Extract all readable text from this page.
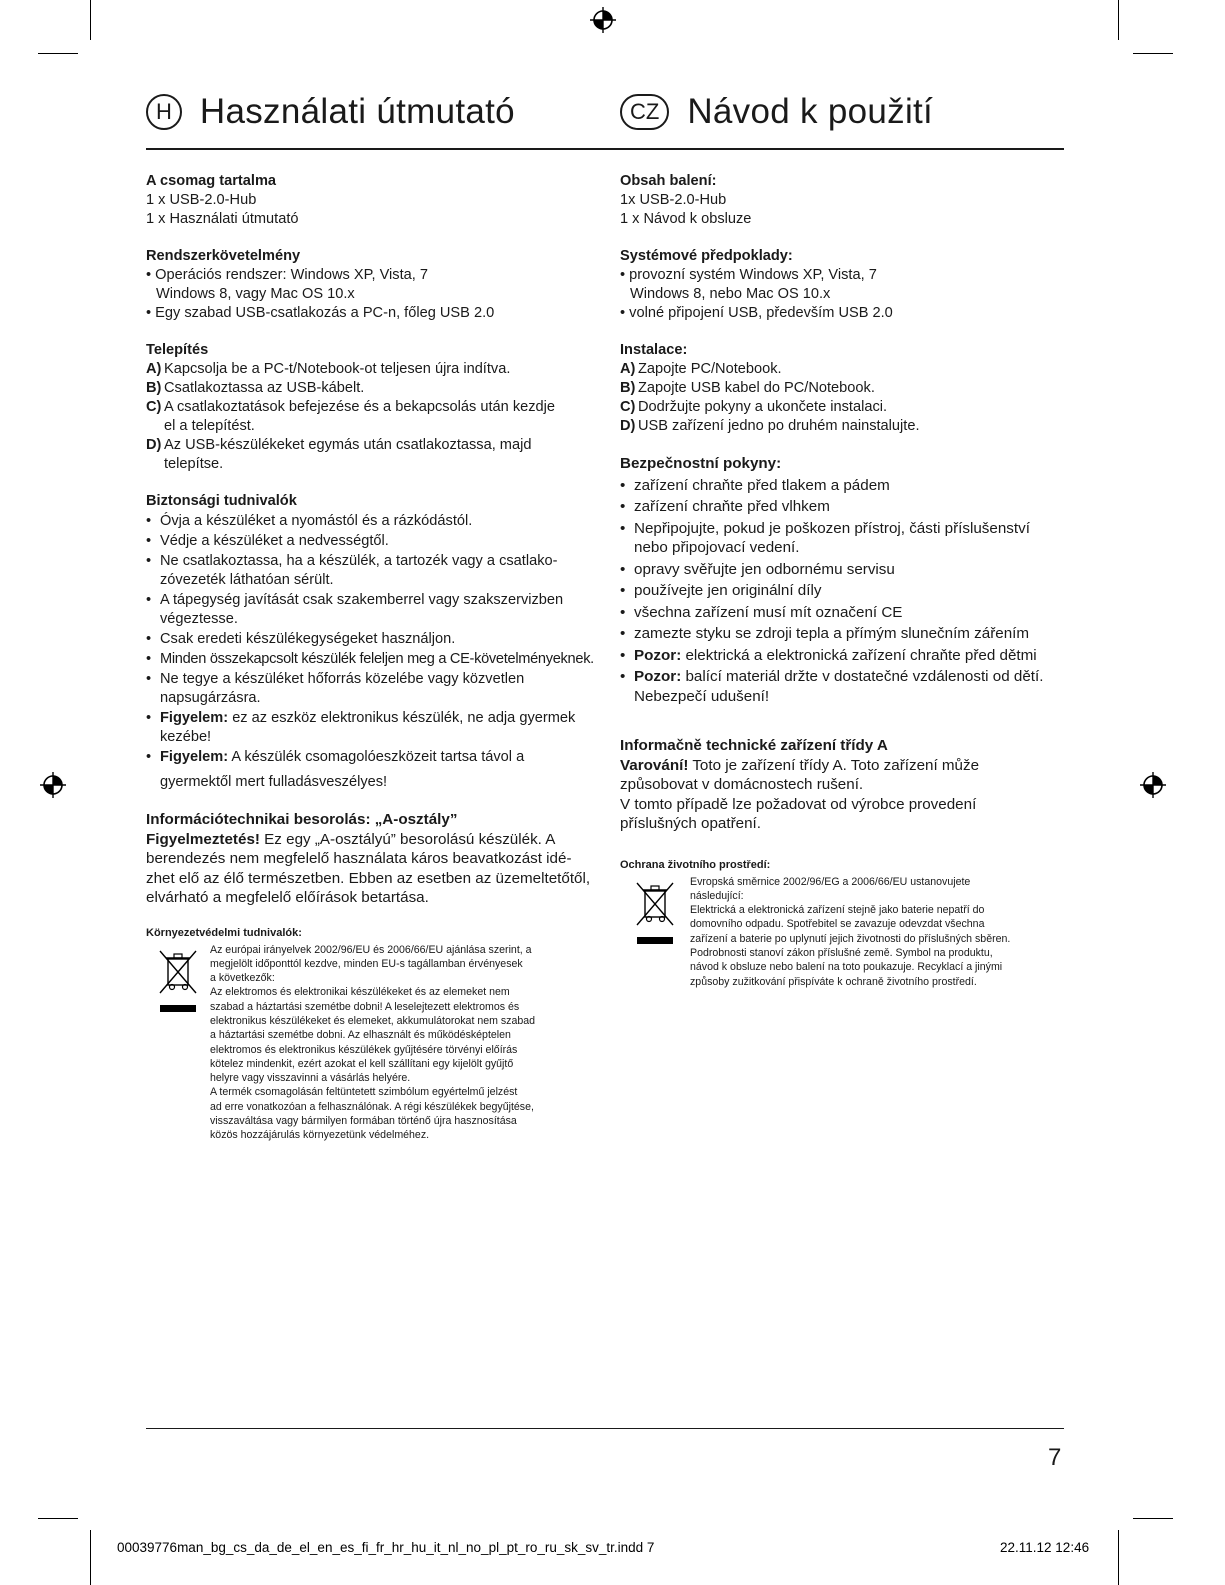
H Használati útmutató	CZ Návod k použití

A csomag tartalma

1 x USB-2.0-Hub

1 x Használati útmutató

Rendszerkövetelmény

• Operációs rendszer: Windows XP, Vista, 7

Windows 8, vagy Mac OS 10.x

• Egy szabad USB-csatlakozás a PC-n, főleg USB 2.0

Telepítés

A) Kapcsolja be a PC-t/Notebook-ot teljesen újra indítva.
B) Csatlakoztassa az USB-kábelt.
C) A csatlakoztatások befejezése és a bekapcsolás után kezdje

el a telepítést.

D) Az USB-készülékeket egymás után csatlakoztassa, majd

telepítse.

Biztonsági tudnivalók

• Óvja a készüléket a nyomástól és a rázkódástól.
• Védje a készüléket a nedvességtől.
• Ne csatlakoztassa, ha a készülék, a tartozék vagy a csatlako-
zóvezeték láthatóan sérült.
• A tápegység javítását csak szakemberrel vagy szakszervizben
végeztesse.
• Csak eredeti készülékegységeket használjon.
• Minden összekapcsolt készülék feleljen meg a CE-követelményeknek.
• Ne tegye a készüléket hőforrás közelébe vagy közvetlen
napsugárzásra.
• Figyelem: ez az eszköz elektronikus készülék, ne adja gyermek
kezébe!
• Figyelem: A készülék csomagolóeszközeit tartsa távol a
gyermektől mert fulladásveszélyes!

Információtechnikai besorolás: „A-osztály”

Figyelmeztetés! Ez egy „A-osztályú” besorolású készülék. A

berendezés nem megfelelő használata káros beavatkozást idé-

zhet elő az élő természetben. Ebben az esetben az üzemeltetőtől,

elvárható a megfelelő előírások betartása.

Környezetvédelmi tudnivalók:

Az európai irányelvek 2002/96/EU és 2006/66/EU ajánlása szerint, a

megjelölt időponttól kezdve, minden EU-s tagállamban érvényesek

a következők:

Az elektromos és elektronikai készülékeket és az elemeket nem

szabad a háztartási szemétbe dobni! A leselejtezett elektromos és

elektronikus készülékeket és elemeket, akkumulátorokat nem szabad

a háztartási szemétbe dobni. Az elhasznált és működésképtelen

elektromos és elektronikus készülékek gyűjtésére törvényi előírás

kötelez mindenkit, ezért azokat el kell szállítani egy kijelölt gyűjtő

helyre vagy visszavinni a vásárlás helyére.

A termék csomagolásán feltüntetett szimbólum egyértelmű jelzést

ad erre vonatkozóan a felhasználónak. A régi készülékek begyűjtése,

visszaváltása vagy bármilyen formában történő újra hasznosítása

közös hozzájárulás környezetünk védelméhez.

Obsah balení:

1x USB-2.0-Hub

1 x Návod k obsluze

Systémové předpoklady:

• provozní systém Windows XP, Vista, 7

Windows 8, nebo Mac OS 10.x

• volné připojení USB, především USB 2.0

Instalace:

A) Zapojte PC/Notebook.
B) Zapojte USB kabel do PC/Notebook.
C) Dodržujte pokyny a ukončete instalaci.
D) USB zařízení jedno po druhém nainstalujte.

Bezpečnostní pokyny:

• zařízení chraňte před tlakem a pádem
• zařízení chraňte před vlhkem
• Nepřipojujte, pokud je poškozen přístroj, části příslušenství
nebo připojovací vedení.
• opravy svěřujte jen odbornému servisu
• používejte jen originální díly
• všechna zařízení musí mít označení CE
• zamezte styku se zdroji tepla a přímým slunečním zářením
• Pozor: elektrická a elektronická zařízení chraňte před dětmi
• Pozor: balící materiál držte v dostatečné vzdálenosti od dětí.
Nebezpečí udušení!

Informačně technické zařízení třídy A

Varování! Toto je zařízení třídy A. Toto zařízení může

způsobovat v domácnostech rušení.

V tomto případě lze požadovat od výrobce provedení

příslušných opatření.

Ochrana životního prostředí:

Evropská směrnice 2002/96/EG a 2006/66/EU ustanovujete

následující:

Elektrická a elektronická zařízení stejně jako baterie nepatří do

domovního odpadu. Spotřebitel se zavazuje odevzdat všechna

zařízení a baterie po uplynutí jejich životnosti do příslušných sběren.

Podrobnosti stanoví zákon příslušné země. Symbol na produktu,

návod k obsluze nebo balení na toto poukazuje. Recyklací a jinými

způsoby zužitkování přispíváte k ochraně životního prostředí.

7
00039776man_bg_cs_da_de_el_en_es_fi_fr_hr_hu_it_nl_no_pl_pt_ro_ru_sk_sv_tr.indd 7	22.11.12 12:46
